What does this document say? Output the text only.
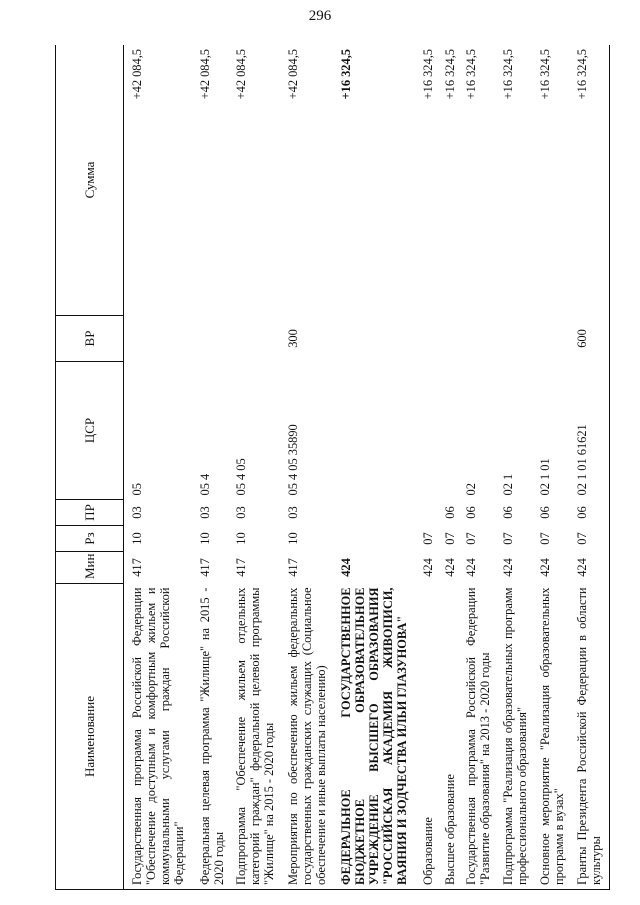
296
Наименование	Мин	Рз	ПР	ЦСР	ВР	Сумма
Государственная программа Российской Федерации "Обеспечение доступным и комфортным жильем и коммунальными услугами граждан Российской Федерации"	417	10	03	05		+42 084,5
Федеральная целевая программа "Жилище" на 2015 - 2020 годы	417	10	03	05 4		+42 084,5
Подпрограмма "Обеспечение жильем отдельных категорий граждан" федеральной целевой программы "Жилище" на 2015 - 2020 годы	417	10	03	05 4 05		+42 084,5
Мероприятия по обеспечению жильем федеральных государственных гражданских служащих (Социальное обеспечение и иные выплаты населению)	417	10	03	05 4 05 35890	300	+42 084,5
ФЕДЕРАЛЬНОЕ ГОСУДАРСТВЕННОЕ БЮДЖЕТНОЕ ОБРАЗОВАТЕЛЬНОЕ УЧРЕЖДЕНИЕ ВЫСШЕГО ОБРАЗОВАНИЯ "РОССИЙСКАЯ АКАДЕМИЯ ЖИВОПИСИ, ВАЯНИЯ И ЗОДЧЕСТВА ИЛЬИ ГЛАЗУНОВА"	424					+16 324,5
Образование	424	07				+16 324,5
Высшее образование	424	07	06			+16 324,5
Государственная программа Российской Федерации "Развитие образования" на 2013 - 2020 годы	424	07	06	02		+16 324,5
Подпрограмма "Реализация образовательных программ профессионального образования"	424	07	06	02 1		+16 324,5
Основное мероприятие "Реализация образовательных программ в вузах"	424	07	06	02 1 01		+16 324,5
Гранты Президента Российской Федерации в области культуры	424	07	06	02 1 01 61621	600	+16 324,5
